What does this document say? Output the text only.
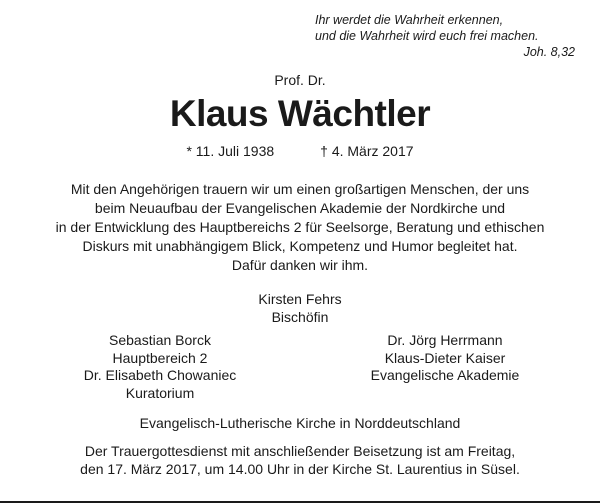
Ihr werdet die Wahrheit erkennen,
und die Wahrheit wird euch frei machen.
Joh. 8,32
Prof. Dr.
Klaus Wächtler
* 11. Juli 1938	† 4. März 2017
Mit den Angehörigen trauern wir um einen großartigen Menschen, der uns
beim Neuaufbau der Evangelischen Akademie der Nordkirche und
in der Entwicklung des Hauptbereichs 2 für Seelsorge, Beratung und ethischen
Diskurs mit unabhängigem Blick, Kompetenz und Humor begleitet hat.
Dafür danken wir ihm.
Kirsten Fehrs
Bischöfin
Sebastian Borck
Hauptbereich 2
Dr. Elisabeth Chowaniec
Kuratorium
Dr. Jörg Herrmann
Klaus-Dieter Kaiser
Evangelische Akademie
Evangelisch-Lutherische Kirche in Norddeutschland
Der Trauergottesdienst mit anschließender Beisetzung ist am Freitag,
den 17. März 2017, um 14.00 Uhr in der Kirche St. Laurentius in Süsel.
